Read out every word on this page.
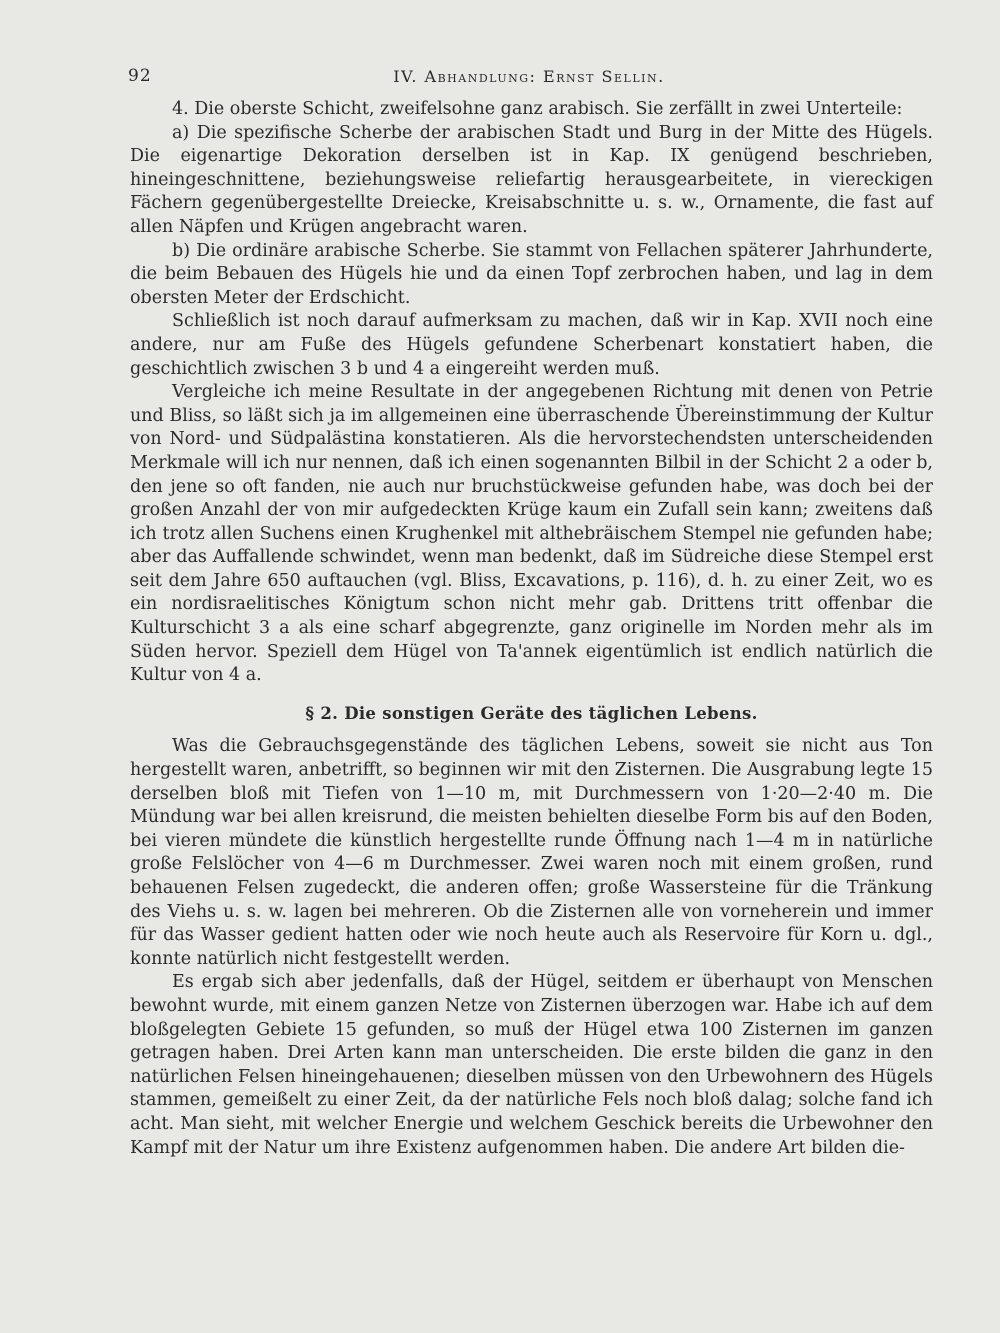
92	IV. Abhandlung: Ernst Sellin.

4. Die oberste Schicht, zweifelsohne ganz arabisch. Sie zerfällt in zwei Unterteile:

a) Die spezifische Scherbe der arabischen Stadt und Burg in der Mitte des Hügels. Die eigenartige Dekoration derselben ist in Kap. IX genügend beschrieben, hineingeschnittene, beziehungsweise reliefartig herausgearbeitete, in viereckigen Fächern gegenübergestellte Dreiecke, Kreisabschnitte u. s. w., Ornamente, die fast auf allen Näpfen und Krügen angebracht waren.

b) Die ordinäre arabische Scherbe. Sie stammt von Fellachen späterer Jahrhunderte, die beim Bebauen des Hügels hie und da einen Topf zerbrochen haben, und lag in dem obersten Meter der Erdschicht.

Schließlich ist noch darauf aufmerksam zu machen, daß wir in Kap. XVII noch eine andere, nur am Fuße des Hügels gefundene Scherbenart konstatiert haben, die geschichtlich zwischen 3 b und 4 a eingereiht werden muß.

Vergleiche ich meine Resultate in der angegebenen Richtung mit denen von Petrie und Bliss, so läßt sich ja im allgemeinen eine überraschende Übereinstimmung der Kultur von Nord- und Südpalästina konstatieren. Als die hervorstechendsten unterscheidenden Merkmale will ich nur nennen, daß ich einen sogenannten Bilbil in der Schicht 2 a oder b, den jene so oft fanden, nie auch nur bruchstückweise gefunden habe, was doch bei der großen Anzahl der von mir aufgedeckten Krüge kaum ein Zufall sein kann; zweitens daß ich trotz allen Suchens einen Krughenkel mit althebräischem Stempel nie gefunden habe; aber das Auffallende schwindet, wenn man bedenkt, daß im Südreiche diese Stempel erst seit dem Jahre 650 auftauchen (vgl. Bliss, Excavations, p. 116), d. h. zu einer Zeit, wo es ein nordisraelitisches Königtum schon nicht mehr gab. Drittens tritt offenbar die Kulturschicht 3 a als eine scharf abgegrenzte, ganz originelle im Norden mehr als im Süden hervor. Speziell dem Hügel von Ta'annek eigentümlich ist endlich natürlich die Kultur von 4 a.

§ 2. Die sonstigen Geräte des täglichen Lebens.

Was die Gebrauchsgegenstände des täglichen Lebens, soweit sie nicht aus Ton hergestellt waren, anbetrifft, so beginnen wir mit den Zisternen. Die Ausgrabung legte 15 derselben bloß mit Tiefen von 1—10 m, mit Durchmessern von 1·20—2·40 m. Die Mündung war bei allen kreisrund, die meisten behielten dieselbe Form bis auf den Boden, bei vieren mündete die künstlich hergestellte runde Öffnung nach 1—4 m in natürliche große Felslöcher von 4—6 m Durchmesser. Zwei waren noch mit einem großen, rund behauenen Felsen zugedeckt, die anderen offen; große Wassersteine für die Tränkung des Viehs u. s. w. lagen bei mehreren. Ob die Zisternen alle von vorneherein und immer für das Wasser gedient hatten oder wie noch heute auch als Reservoire für Korn u. dgl., konnte natürlich nicht festgestellt werden.

Es ergab sich aber jedenfalls, daß der Hügel, seitdem er überhaupt von Menschen bewohnt wurde, mit einem ganzen Netze von Zisternen überzogen war. Habe ich auf dem bloßgelegten Gebiete 15 gefunden, so muß der Hügel etwa 100 Zisternen im ganzen getragen haben. Drei Arten kann man unterscheiden. Die erste bilden die ganz in den natürlichen Felsen hineingehauenen; dieselben müssen von den Urbewohnern des Hügels stammen, gemeißelt zu einer Zeit, da der natürliche Fels noch bloß dalag; solche fand ich acht. Man sieht, mit welcher Energie und welchem Geschick bereits die Urbewohner den Kampf mit der Natur um ihre Existenz aufgenommen haben. Die andere Art bilden die-
